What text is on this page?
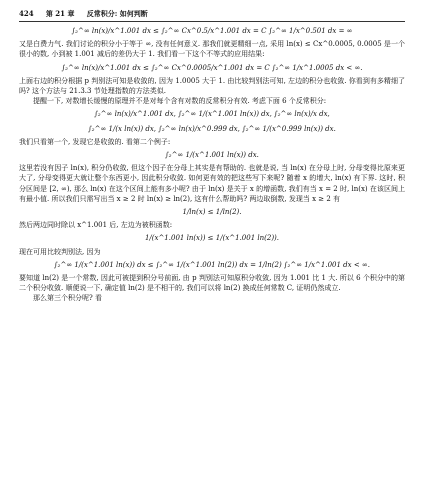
424 第 21 章 反常积分: 如何判断
∫₂^∞ ln(x)/x^1.001 dx ≤ ∫₂^∞ Cx^0.5/x^1.001 dx = C ∫₂^∞ 1/x^0.501 dx = ∞

又是白费力气. 我们讨论的积分小于等于 ∞, 没有任何意义. 那我们就更精细一点, 采用 ln(x) ≤ Cx^0.0005, 0.0005 是一个很小的数, 小到被 1.001 减后的差仍大于 1. 我们看一下这个不等式的应用结果:

∫₂^∞ ln(x)/x^1.001 dx ≤ ∫₂^∞ Cx^0.0005/x^1.001 dx = C ∫₂^∞ 1/x^1.0005 dx < ∞.

上面右边的积分根据 p 判别法可知是收敛的, 因为 1.0005 大于 1. 由比较判别法可知, 左边的积分也收敛. 你看到有多精细了吗? 这个方法与 21.3.3 节处理指数的方法类似.

提醒一下, 对数增长缓慢的原理并不是对每个含有对数的反常积分有效. 考虑下面 6 个反常积分:

∫₂^∞ ln(x)/x^1.001 dx, ∫₂^∞ 1/(x^1.001 ln(x)) dx, ∫₂^∞ ln(x)/x dx,
∫₂^∞ 1/(x ln(x)) dx, ∫₂^∞ ln(x)/x^0.999 dx, ∫₂^∞ 1/(x^0.999 ln(x)) dx.

我们只看第一个, 发现它是收敛的. 看第二个例子:

∫₂^∞ 1/(x^1.001 ln(x)) dx.

这里若没有因子 ln(x), 积分仍收敛, 但这个因子在分母上其实是有帮助的. 也就是说, 当 ln(x) 在分母上时, 分母变得比原来更大了, 分母变得更大就让整个东西更小, 因此积分收敛. 如何更有效的把这些写下来呢? 随着 x 的增大, ln(x) 有下界. 这时, 积分区间是 [2, ∞), 那么 ln(x) 在这个区间上能有多小呢? 由于 ln(x) 是关于 x 的增函数, 我们有当 x = 2 时, ln(x) 在该区间上有最小值. 所以我们只需写出当 x ≥ 2 时 ln(x) ≥ ln(2), 这有什么帮助吗? 两边取倒数, 发现当 x ≥ 2 有

1/ln(x) ≤ 1/ln(2).

然后两边同时除以 x^1.001 后, 左边为被积函数:

1/(x^1.001 ln(x)) ≤ 1/(x^1.001 ln(2)).

现在可用比较判别法, 因为

∫₂^∞ 1/(x^1.001 ln(x)) dx ≤ ∫₂^∞ 1/(x^1.001 ln(2)) dx = 1/ln(2) ∫₂^∞ 1/x^1.001 dx < ∞.

要知道 ln(2) 是一个常数, 因此可被提到积分号前面, 由 p 判别法可知原积分收敛, 因为 1.001 比 1 大. 所以 6 个积分中的第二个积分收敛. 顺便说一下, 确定值 ln(2) 是不相干的, 我们可以将 ln(2) 换成任何常数 C, 证明仍然成立.

那么第三个积分呢? 看
